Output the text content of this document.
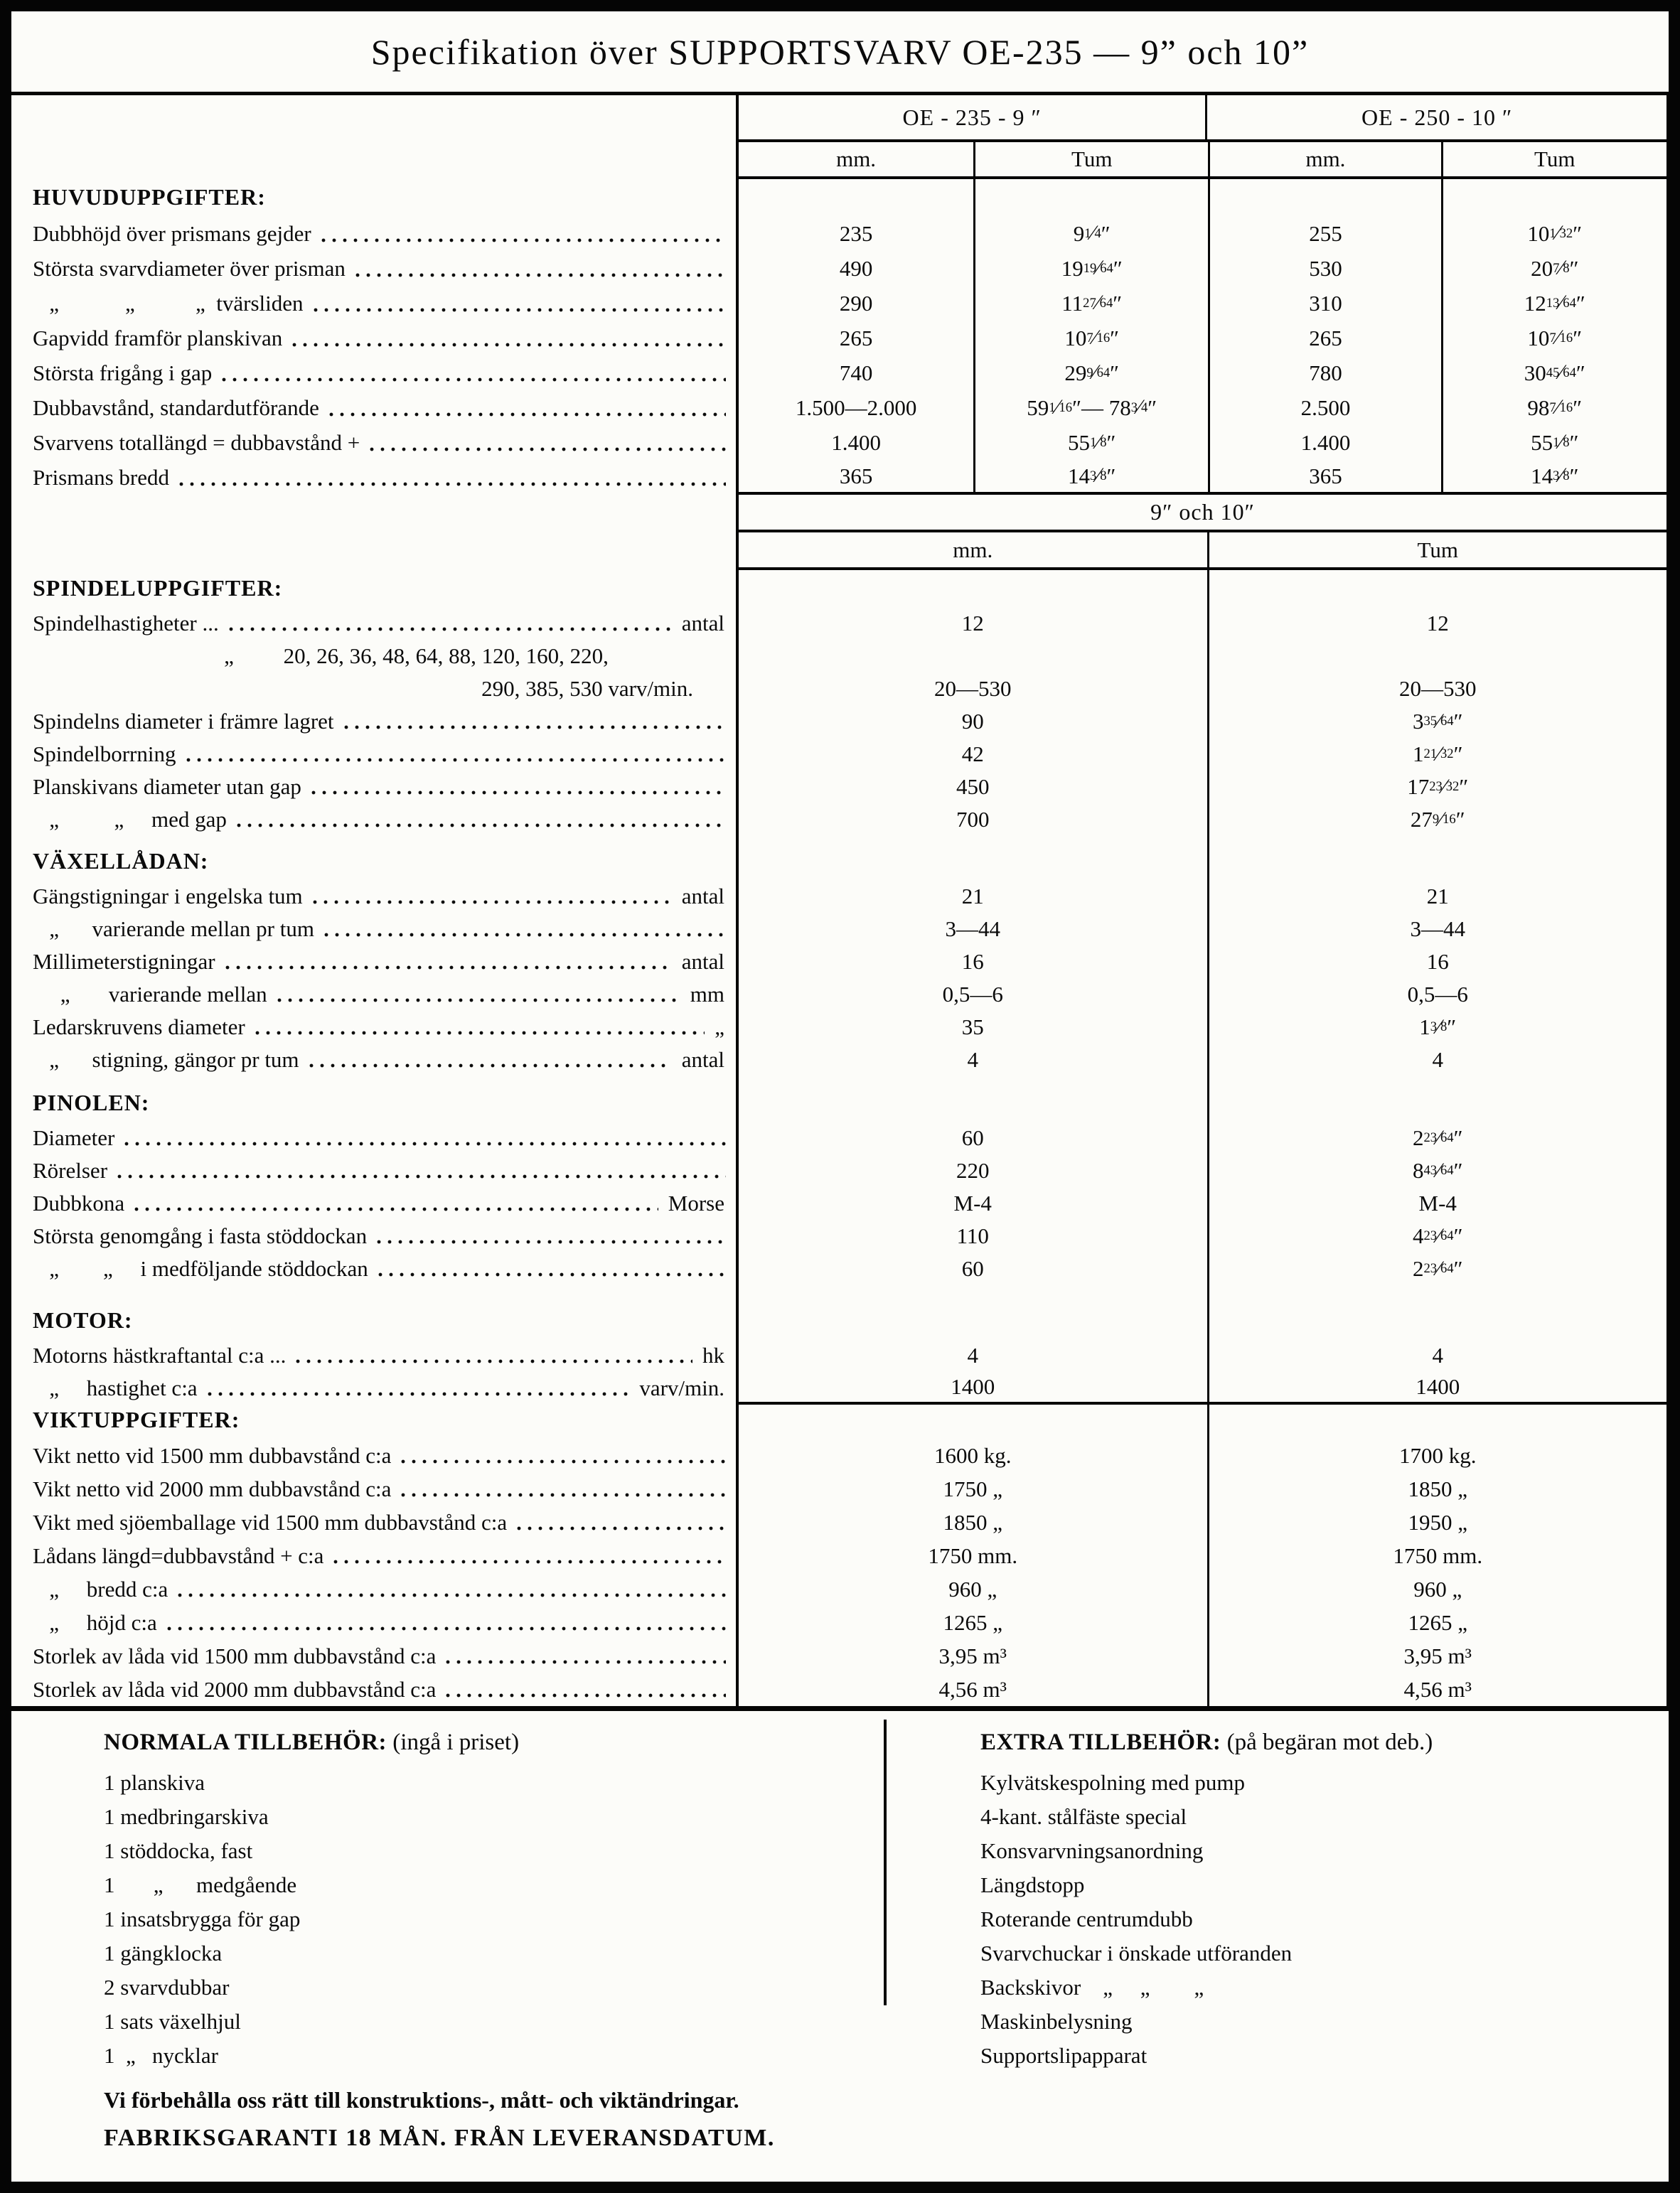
Specifikation över SUPPORTSVARV OE-235 — 9” och 10”
OE - 235 - 9 ″	OE - 250 - 10 ″
mm.	Tum	mm.	Tum
HUVUDUPPGIFTER:
Dubbhöjd över prismans gejder	235	9 1 ⁄ 4 ″	255	10 1 ⁄ 32 ″
Största svarvdiameter över prisman	490	19 19 ⁄ 64 ″	530	20 7 ⁄ 8 ″
„            „           „  tvärsliden	290	11 27 ⁄ 64 ″	310	12 13 ⁄ 64 ″
Gapvidd framför planskivan	265	10 7 ⁄ 16 ″	265	10 7 ⁄ 16 ″
Största frigång i gap	740	29 9 ⁄ 64 ″	780	30 45 ⁄ 64 ″
Dubbavstånd, standardutförande	1.500—2.000	59 1 ⁄ 16 ″— 78 3 ⁄ 4 ″	2.500	98 7 ⁄ 16 ″
Svarvens totallängd = dubbavstånd +	1.400	55 1 ⁄ 8 ″	1.400	55 1 ⁄ 8 ″
Prismans bredd	365	14 3 ⁄ 8 ″	365	14 3 ⁄ 8 ″
9″ och 10″
mm.	Tum
SPINDELUPPGIFTER:
Spindelhastigheter ...	antal	12	12
„         20, 26, 36, 48, 64, 88, 120, 160, 220,
290, 385, 530 varv/min.	20—530	20—530
Spindelns diameter i främre lagret	90	3 35 ⁄ 64 ″
Spindelborrning	42	1 21 ⁄ 32 ″
Planskivans diameter utan gap	450	17 23 ⁄ 32 ″
„          „     med gap	700	27 9 ⁄ 16 ″
VÄXELLÅDAN:
Gängstigningar i engelska tum	antal	21	21
„      varierande mellan pr tum	3—44	3—44
Millimeterstigningar	antal	16	16
„       varierande mellan	mm	0,5—6	0,5—6
Ledarskruvens diameter	„	35	1 3 ⁄ 8 ″
„      stigning, gängor pr tum	antal	4	4
PINOLEN:
Diameter	60	2 23 ⁄ 64 ″
Rörelser	220	8 43 ⁄ 64 ″
Dubbkona	Morse	M-4	M-4
Största genomgång i fasta stöddockan	110	4 23 ⁄ 64 ″
„        „     i medföljande stöddockan	60	2 23 ⁄ 64 ″
MOTOR:
Motorns hästkraftantal c:a ...	hk	4	4
„     hastighet c:a	varv/min.	1400	1400
VIKTUPPGIFTER:
Vikt netto vid 1500 mm dubbavstånd c:a	1600 kg.	1700 kg.
Vikt netto vid 2000 mm dubbavstånd c:a	1750 „	1850 „
Vikt med sjöemballage vid 1500 mm dubbavstånd c:a	1850 „	1950 „
Lådans längd=dubbavstånd + c:a	1750 mm.	1750 mm.
„     bredd c:a	960 „	960 „
„     höjd c:a	1265 „	1265 „
Storlek av låda vid 1500 mm dubbavstånd c:a	3,95 m³	3,95 m³
Storlek av låda vid 2000 mm dubbavstånd c:a	4,56 m³	4,56 m³
NORMALA TILLBEHÖR: (ingå i priset)
1 planskiva
1 medbringarskiva
1 stöddocka, fast
1       „      medgående
1 insatsbrygga för gap
1 gängklocka
2 svarvdubbar
1 sats växelhjul
1  „   nycklar
EXTRA TILLBEHÖR: (på begäran mot deb.)
Kylvätskespolning med pump
4-kant. stålfäste special
Konsvarvningsanordning
Längdstopp
Roterande centrumdubb
Svarvchuckar i önskade utföranden
Backskivor    „     „        „
Maskinbelysning
Supportslipapparat
Vi förbehålla oss rätt till konstruktions-, mått- och viktändringar.
FABRIKSGARANTI 18 MÅN. FRÅN LEVERANSDATUM.
